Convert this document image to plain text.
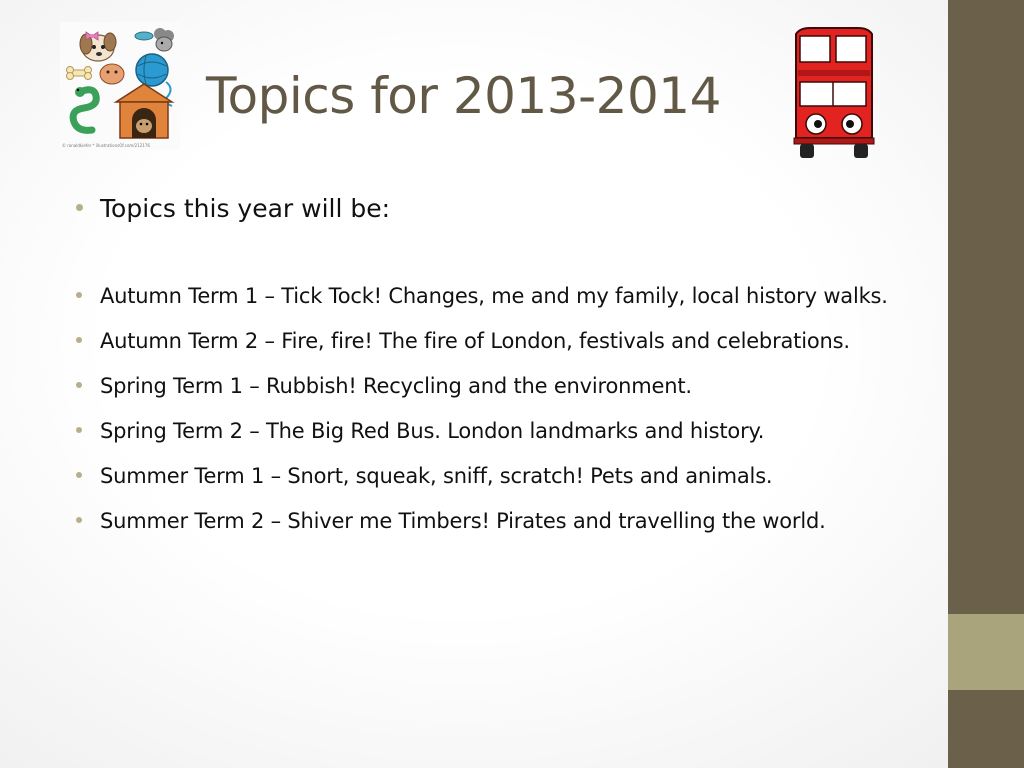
© ronaldkiefer * illustrationsOf.com/212176
Topics for 2013-2014
Topics this year will be:
Autumn Term 1 – Tick Tock! Changes, me and my family, local history walks.
Autumn Term 2 – Fire, fire! The fire of London, festivals and celebrations.
Spring Term 1 – Rubbish! Recycling and the environment.
Spring Term 2 – The Big Red Bus. London landmarks and history.
Summer Term 1 – Snort, squeak, sniff, scratch! Pets and animals.
Summer Term 2 – Shiver me Timbers! Pirates and travelling the world.
